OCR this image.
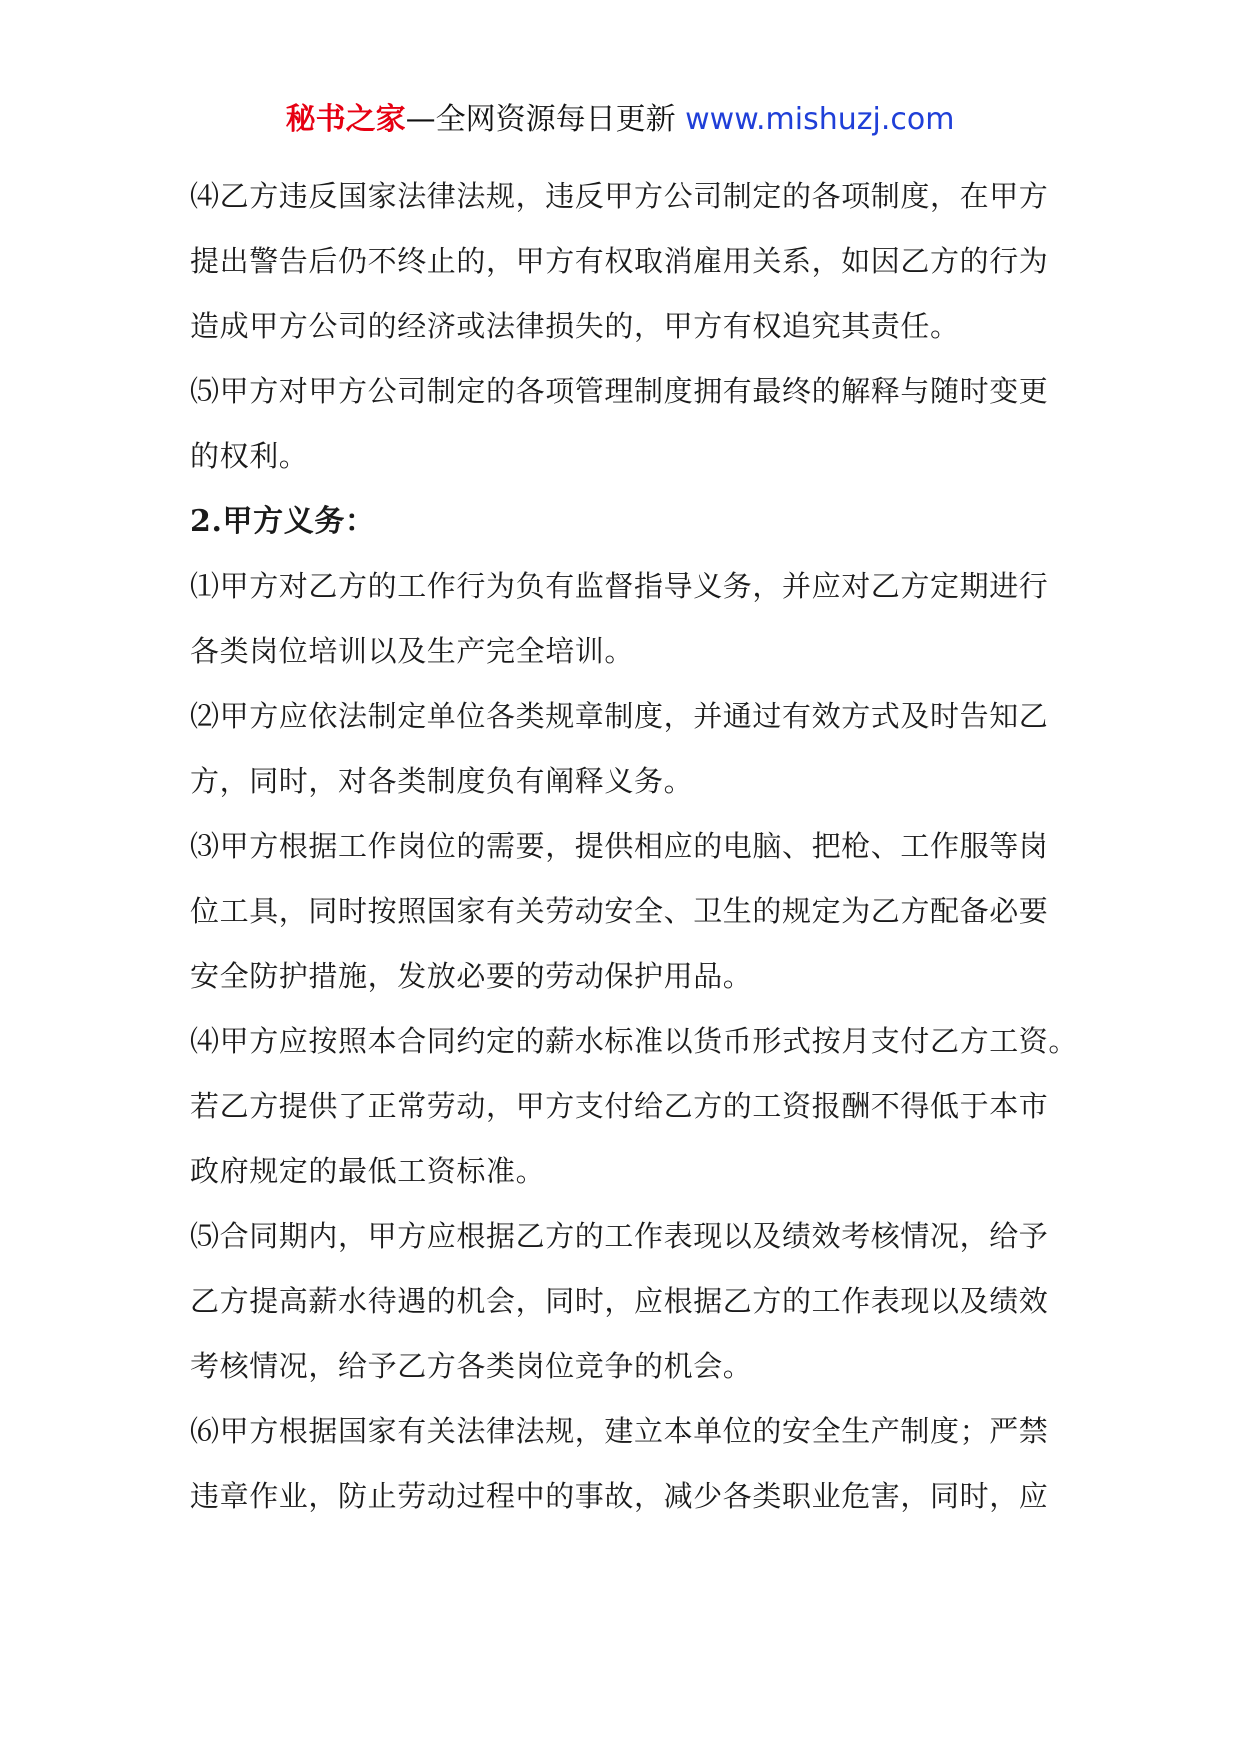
秘书之家—全网资源每日更新 www.mishuzj.com
⑷乙方违反国家法律法规，违反甲方公司制定的各项制度，在甲方
提出警告后仍不终止的，甲方有权取消雇用关系，如因乙方的行为
造成甲方公司的经济或法律损失的，甲方有权追究其责任。
⑸甲方对甲方公司制定的各项管理制度拥有最终的解释与随时变更
的权利。
2.甲方义务：
⑴甲方对乙方的工作行为负有监督指导义务，并应对乙方定期进行
各类岗位培训以及生产完全培训。
⑵甲方应依法制定单位各类规章制度，并通过有效方式及时告知乙
方，同时，对各类制度负有阐释义务。
⑶甲方根据工作岗位的需要，提供相应的电脑、把枪、工作服等岗
位工具，同时按照国家有关劳动安全、卫生的规定为乙方配备必要
安全防护措施，发放必要的劳动保护用品。
⑷甲方应按照本合同约定的薪水标准以货币形式按月支付乙方工资。
若乙方提供了正常劳动，甲方支付给乙方的工资报酬不得低于本市
政府规定的最低工资标准。
⑸合同期内，甲方应根据乙方的工作表现以及绩效考核情况，给予
乙方提高薪水待遇的机会，同时，应根据乙方的工作表现以及绩效
考核情况，给予乙方各类岗位竞争的机会。
⑹甲方根据国家有关法律法规，建立本单位的安全生产制度；严禁
违章作业，防止劳动过程中的事故，减少各类职业危害，同时，应
